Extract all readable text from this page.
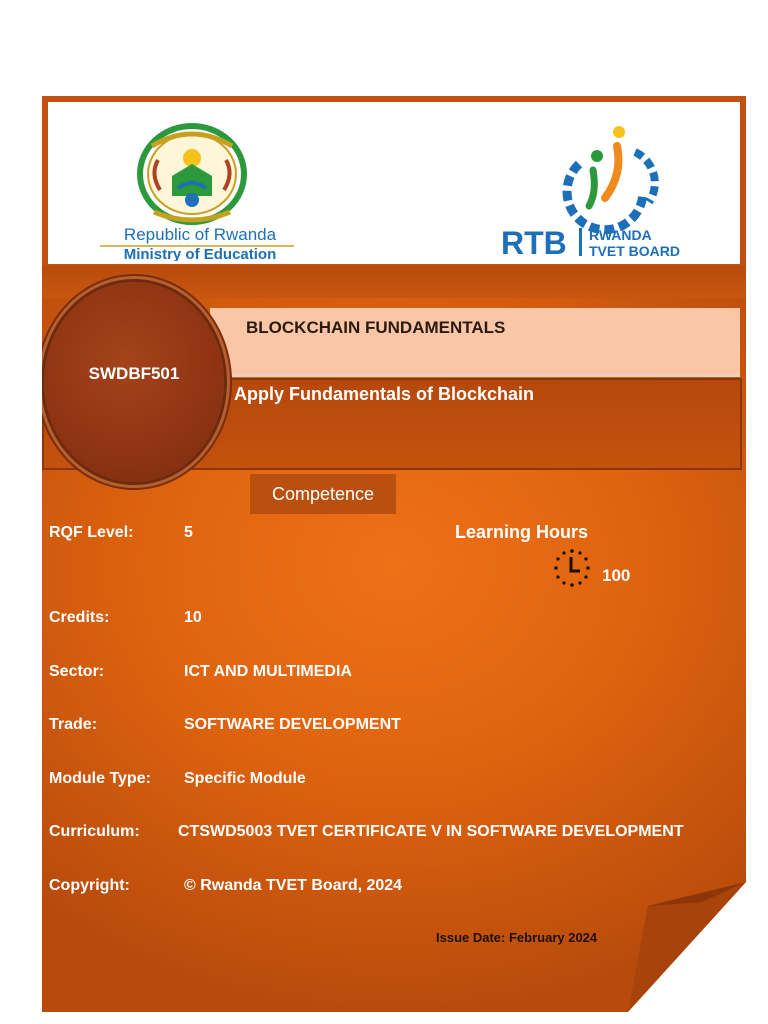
Republic of Rwanda
Ministry of Education	RTB RWANDA
TVET BOARD
SWDBF501
BLOCKCHAIN FUNDAMENTALS
Apply Fundamentals of Blockchain
Competence
RQF Level:	5
Credits:	10
Sector:	ICT AND MULTIMEDIA
Trade:	SOFTWARE DEVELOPMENT
Module Type: Specific Module
Curriculum: CTSWD5003 TVET CERTIFICATE V IN SOFTWARE DEVELOPMENT
Copyright:	© Rwanda TVET Board, 2024
Learning Hours
100
Issue Date: February 2024
